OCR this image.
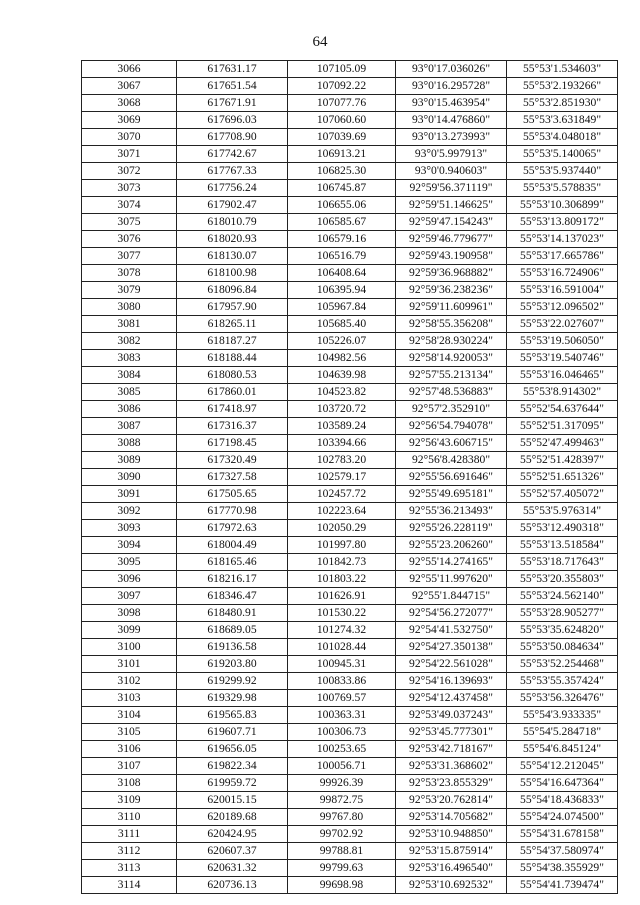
64
3066	617631.17	107105.09	93°0'17.036026"	55°53'1.534603"
3067	617651.54	107092.22	93°0'16.295728"	55°53'2.193266"
3068	617671.91	107077.76	93°0'15.463954"	55°53'2.851930"
3069	617696.03	107060.60	93°0'14.476860"	55°53'3.631849"
3070	617708.90	107039.69	93°0'13.273993"	55°53'4.048018"
3071	617742.67	106913.21	93°0'5.997913"	55°53'5.140065"
3072	617767.33	106825.30	93°0'0.940603"	55°53'5.937440"
3073	617756.24	106745.87	92°59'56.371119"	55°53'5.578835"
3074	617902.47	106655.06	92°59'51.146625"	55°53'10.306899"
3075	618010.79	106585.67	92°59'47.154243"	55°53'13.809172"
3076	618020.93	106579.16	92°59'46.779677"	55°53'14.137023"
3077	618130.07	106516.79	92°59'43.190958"	55°53'17.665786"
3078	618100.98	106408.64	92°59'36.968882"	55°53'16.724906"
3079	618096.84	106395.94	92°59'36.238236"	55°53'16.591004"
3080	617957.90	105967.84	92°59'11.609961"	55°53'12.096502"
3081	618265.11	105685.40	92°58'55.356208"	55°53'22.027607"
3082	618187.27	105226.07	92°58'28.930224"	55°53'19.506050"
3083	618188.44	104982.56	92°58'14.920053"	55°53'19.540746"
3084	618080.53	104639.98	92°57'55.213134"	55°53'16.046465"
3085	617860.01	104523.82	92°57'48.536883"	55°53'8.914302"
3086	617418.97	103720.72	92°57'2.352910"	55°52'54.637644"
3087	617316.37	103589.24	92°56'54.794078"	55°52'51.317095"
3088	617198.45	103394.66	92°56'43.606715"	55°52'47.499463"
3089	617320.49	102783.20	92°56'8.428380"	55°52'51.428397"
3090	617327.58	102579.17	92°55'56.691646"	55°52'51.651326"
3091	617505.65	102457.72	92°55'49.695181"	55°52'57.405072"
3092	617770.98	102223.64	92°55'36.213493"	55°53'5.976314"
3093	617972.63	102050.29	92°55'26.228119"	55°53'12.490318"
3094	618004.49	101997.80	92°55'23.206260"	55°53'13.518584"
3095	618165.46	101842.73	92°55'14.274165"	55°53'18.717643"
3096	618216.17	101803.22	92°55'11.997620"	55°53'20.355803"
3097	618346.47	101626.91	92°55'1.844715"	55°53'24.562140"
3098	618480.91	101530.22	92°54'56.272077"	55°53'28.905277"
3099	618689.05	101274.32	92°54'41.532750"	55°53'35.624820"
3100	619136.58	101028.44	92°54'27.350138"	55°53'50.084634"
3101	619203.80	100945.31	92°54'22.561028"	55°53'52.254468"
3102	619299.92	100833.86	92°54'16.139693"	55°53'55.357424"
3103	619329.98	100769.57	92°54'12.437458"	55°53'56.326476"
3104	619565.83	100363.31	92°53'49.037243"	55°54'3.933335"
3105	619607.71	100306.73	92°53'45.777301"	55°54'5.284718"
3106	619656.05	100253.65	92°53'42.718167"	55°54'6.845124"
3107	619822.34	100056.71	92°53'31.368602"	55°54'12.212045"
3108	619959.72	99926.39	92°53'23.855329"	55°54'16.647364"
3109	620015.15	99872.75	92°53'20.762814"	55°54'18.436833"
3110	620189.68	99767.80	92°53'14.705682"	55°54'24.074500"
3111	620424.95	99702.92	92°53'10.948850"	55°54'31.678158"
3112	620607.37	99788.81	92°53'15.875914"	55°54'37.580974"
3113	620631.32	99799.63	92°53'16.496540"	55°54'38.355929"
3114	620736.13	99698.98	92°53'10.692532"	55°54'41.739474"
